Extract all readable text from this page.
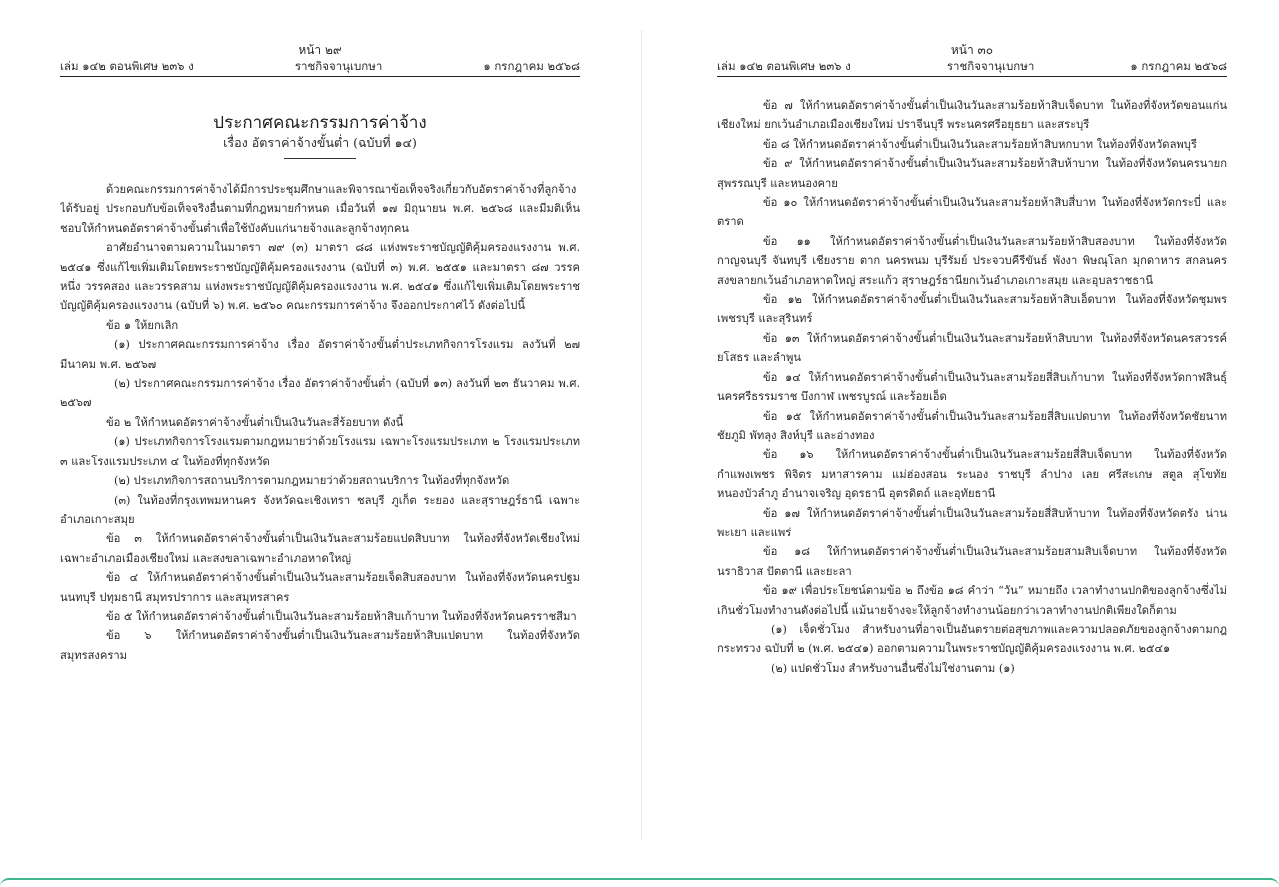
หน้า ๒๙
เล่ม ๑๔๒ ตอนพิเศษ ๒๓๖ ง	ราชกิจจานุเบกษา	๑ กรกฎาคม ๒๕๖๘
ประกาศคณะกรรมการค่าจ้าง
เรื่อง อัตราค่าจ้างขั้นต่ำ (ฉบับที่ ๑๔)

ด้วยคณะกรรมการค่าจ้างได้มีการประชุมศึกษาและพิจารณาข้อเท็จจริงเกี่ยวกับอัตราค่าจ้างที่ลูกจ้างได้รับอยู่ ประกอบกับข้อเท็จจริงอื่นตามที่กฎหมายกำหนด เมื่อวันที่ ๑๗ มิถุนายน พ.ศ. ๒๕๖๘ และมีมติเห็นชอบให้กำหนดอัตราค่าจ้างขั้นต่ำเพื่อใช้บังคับแก่นายจ้างและลูกจ้างทุกคน

อาศัยอำนาจตามความในมาตรา ๗๙ (๓) มาตรา ๘๘ แห่งพระราชบัญญัติคุ้มครองแรงงาน พ.ศ. ๒๕๔๑ ซึ่งแก้ไขเพิ่มเติมโดยพระราชบัญญัติคุ้มครองแรงงาน (ฉบับที่ ๓) พ.ศ. ๒๕๕๑ และมาตรา ๘๗ วรรคหนึ่ง วรรคสอง และวรรคสาม แห่งพระราชบัญญัติคุ้มครองแรงงาน พ.ศ. ๒๕๔๑ ซึ่งแก้ไขเพิ่มเติมโดยพระราชบัญญัติคุ้มครองแรงงาน (ฉบับที่ ๖) พ.ศ. ๒๕๖๐ คณะกรรมการค่าจ้าง จึงออกประกาศไว้ ดังต่อไปนี้

ข้อ ๑ ให้ยกเลิก

(๑) ประกาศคณะกรรมการค่าจ้าง เรื่อง อัตราค่าจ้างขั้นต่ำประเภทกิจการโรงแรม ลงวันที่ ๒๗ มีนาคม พ.ศ. ๒๕๖๗

(๒) ประกาศคณะกรรมการค่าจ้าง เรื่อง อัตราค่าจ้างขั้นต่ำ (ฉบับที่ ๑๓) ลงวันที่ ๒๓ ธันวาคม พ.ศ. ๒๕๖๗

ข้อ ๒ ให้กำหนดอัตราค่าจ้างขั้นต่ำเป็นเงินวันละสี่ร้อยบาท ดังนี้

(๑) ประเภทกิจการโรงแรมตามกฎหมายว่าด้วยโรงแรม เฉพาะโรงแรมประเภท ๒ โรงแรมประเภท ๓ และโรงแรมประเภท ๔ ในท้องที่ทุกจังหวัด

(๒) ประเภทกิจการสถานบริการตามกฎหมายว่าด้วยสถานบริการ ในท้องที่ทุกจังหวัด

(๓) ในท้องที่กรุงเทพมหานคร จังหวัดฉะเชิงเทรา ชลบุรี ภูเก็ต ระยอง และสุราษฎร์ธานี เฉพาะอำเภอเกาะสมุย

ข้อ ๓ ให้กำหนดอัตราค่าจ้างขั้นต่ำเป็นเงินวันละสามร้อยแปดสิบบาท ในท้องที่จังหวัดเชียงใหม่เฉพาะอำเภอเมืองเชียงใหม่ และสงขลาเฉพาะอำเภอหาดใหญ่

ข้อ ๔ ให้กำหนดอัตราค่าจ้างขั้นต่ำเป็นเงินวันละสามร้อยเจ็ดสิบสองบาท ในท้องที่จังหวัดนครปฐม นนทบุรี ปทุมธานี สมุทรปราการ และสมุทรสาคร

ข้อ ๕ ให้กำหนดอัตราค่าจ้างขั้นต่ำเป็นเงินวันละสามร้อยห้าสิบเก้าบาท ในท้องที่จังหวัดนครราชสีมา

ข้อ ๖ ให้กำหนดอัตราค่าจ้างขั้นต่ำเป็นเงินวันละสามร้อยห้าสิบแปดบาท ในท้องที่จังหวัดสมุทรสงคราม

หน้า ๓๐
เล่ม ๑๔๒ ตอนพิเศษ ๒๓๖ ง	ราชกิจจานุเบกษา	๑ กรกฎาคม ๒๕๖๘

ข้อ ๗ ให้กำหนดอัตราค่าจ้างขั้นต่ำเป็นเงินวันละสามร้อยห้าสิบเจ็ดบาท ในท้องที่จังหวัดขอนแก่น เชียงใหม่ ยกเว้นอำเภอเมืองเชียงใหม่ ปราจีนบุรี พระนครศรีอยุธยา และสระบุรี

ข้อ ๘ ให้กำหนดอัตราค่าจ้างขั้นต่ำเป็นเงินวันละสามร้อยห้าสิบหกบาท ในท้องที่จังหวัดลพบุรี

ข้อ ๙ ให้กำหนดอัตราค่าจ้างขั้นต่ำเป็นเงินวันละสามร้อยห้าสิบห้าบาท ในท้องที่จังหวัดนครนายก สุพรรณบุรี และหนองคาย

ข้อ ๑๐ ให้กำหนดอัตราค่าจ้างขั้นต่ำเป็นเงินวันละสามร้อยห้าสิบสี่บาท ในท้องที่จังหวัดกระบี่ และตราด

ข้อ ๑๑ ให้กำหนดอัตราค่าจ้างขั้นต่ำเป็นเงินวันละสามร้อยห้าสิบสองบาท ในท้องที่จังหวัดกาญจนบุรี จันทบุรี เชียงราย ตาก นครพนม บุรีรัมย์ ประจวบคีรีขันธ์ พังงา พิษณุโลก มุกดาหาร สกลนคร สงขลายกเว้นอำเภอหาดใหญ่ สระแก้ว สุราษฎร์ธานียกเว้นอำเภอเกาะสมุย และอุบลราชธานี

ข้อ ๑๒ ให้กำหนดอัตราค่าจ้างขั้นต่ำเป็นเงินวันละสามร้อยห้าสิบเอ็ดบาท ในท้องที่จังหวัดชุมพร เพชรบุรี และสุรินทร์

ข้อ ๑๓ ให้กำหนดอัตราค่าจ้างขั้นต่ำเป็นเงินวันละสามร้อยห้าสิบบาท ในท้องที่จังหวัดนครสวรรค์ ยโสธร และลำพูน

ข้อ ๑๔ ให้กำหนดอัตราค่าจ้างขั้นต่ำเป็นเงินวันละสามร้อยสี่สิบเก้าบาท ในท้องที่จังหวัดกาฬสินธุ์ นครศรีธรรมราช บึงกาฬ เพชรบูรณ์ และร้อยเอ็ด

ข้อ ๑๕ ให้กำหนดอัตราค่าจ้างขั้นต่ำเป็นเงินวันละสามร้อยสี่สิบแปดบาท ในท้องที่จังหวัดชัยนาท ชัยภูมิ พัทลุง สิงห์บุรี และอ่างทอง

ข้อ ๑๖ ให้กำหนดอัตราค่าจ้างขั้นต่ำเป็นเงินวันละสามร้อยสี่สิบเจ็ดบาท ในท้องที่จังหวัดกำแพงเพชร พิจิตร มหาสารคาม แม่ฮ่องสอน ระนอง ราชบุรี ลำปาง เลย ศรีสะเกษ สตูล สุโขทัย หนองบัวลำภู อำนาจเจริญ อุดรธานี อุตรดิตถ์ และอุทัยธานี

ข้อ ๑๗ ให้กำหนดอัตราค่าจ้างขั้นต่ำเป็นเงินวันละสามร้อยสี่สิบห้าบาท ในท้องที่จังหวัดตรัง น่าน พะเยา และแพร่

ข้อ ๑๘ ให้กำหนดอัตราค่าจ้างขั้นต่ำเป็นเงินวันละสามร้อยสามสิบเจ็ดบาท ในท้องที่จังหวัดนราธิวาส ปัตตานี และยะลา

ข้อ ๑๙ เพื่อประโยชน์ตามข้อ ๒ ถึงข้อ ๑๘ คำว่า “วัน” หมายถึง เวลาทำงานปกติของลูกจ้างซึ่งไม่เกินชั่วโมงทำงานดังต่อไปนี้ แม้นายจ้างจะให้ลูกจ้างทำงานน้อยกว่าเวลาทำงานปกติเพียงใดก็ตาม

(๑) เจ็ดชั่วโมง สำหรับงานที่อาจเป็นอันตรายต่อสุขภาพและความปลอดภัยของลูกจ้างตามกฎกระทรวง ฉบับที่ ๒ (พ.ศ. ๒๕๔๑) ออกตามความในพระราชบัญญัติคุ้มครองแรงงาน พ.ศ. ๒๕๔๑

(๒) แปดชั่วโมง สำหรับงานอื่นซึ่งไม่ใช่งานตาม (๑)
